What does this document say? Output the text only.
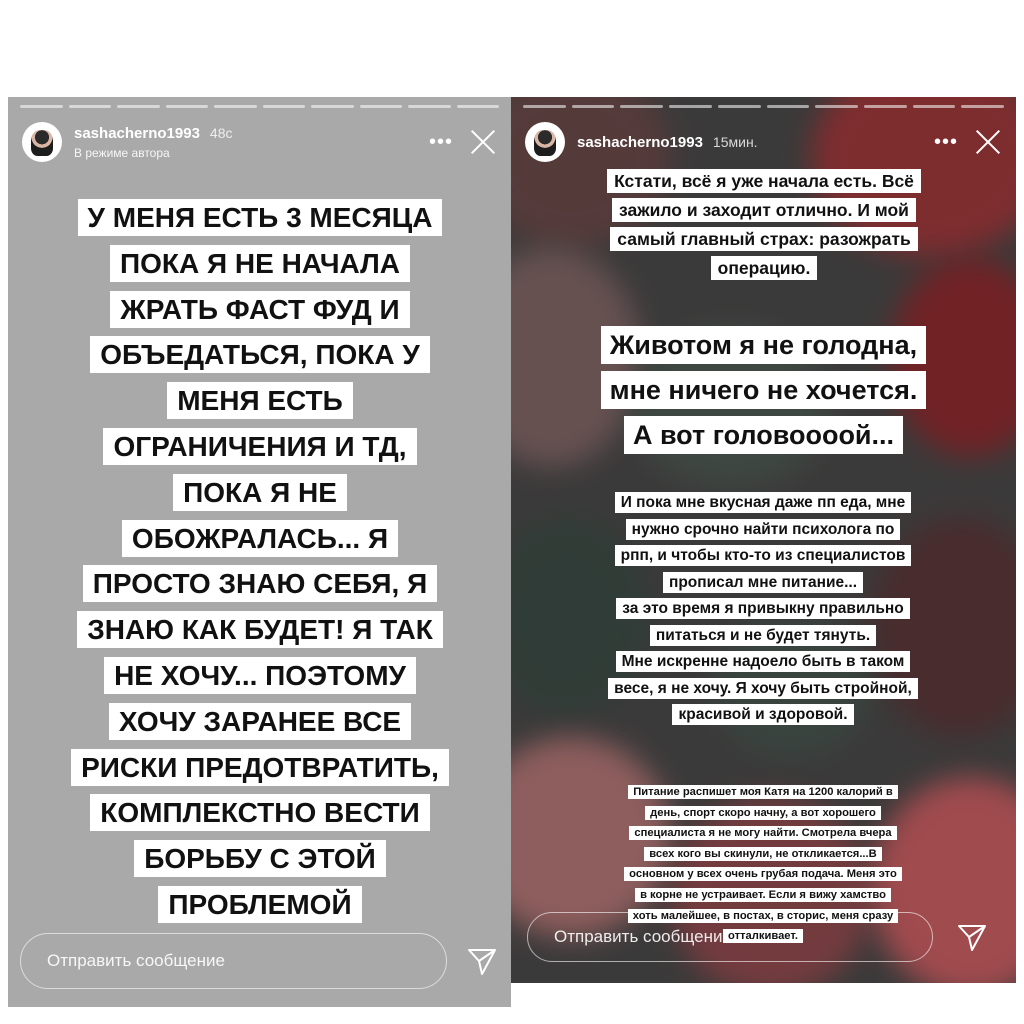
sashacherno1993 48с
В режиме автора	•••
У МЕНЯ ЕСТЬ 3 МЕСЯЦА
ПОКА Я НЕ НАЧАЛА
ЖРАТЬ ФАСТ ФУД И
ОБЪЕДАТЬСЯ, ПОКА У
МЕНЯ ЕСТЬ
ОГРАНИЧЕНИЯ И ТД,
ПОКА Я НЕ
ОБОЖРАЛАСЬ... Я
ПРОСТО ЗНАЮ СЕБЯ, Я
ЗНАЮ КАК БУДЕТ! Я ТАК
НЕ ХОЧУ... ПОЭТОМУ
ХОЧУ ЗАРАНЕЕ ВСЕ
РИСКИ ПРЕДОТВРАТИТЬ,
КОМПЛЕКСТНО ВЕСТИ
БОРЬБУ С ЭТОЙ
ПРОБЛЕМОЙ
Отправить сообщение
sashacherno1993 15мин.	•••
Кстати, всё я уже начала есть. Всё
зажило и заходит отлично. И мой
самый главный страх: разожрать
операцию.
Животом я не голодна,
мне ничего не хочется.
А вот головоооой...
И пока мне вкусная даже пп еда, мне
нужно срочно найти психолога по
рпп, и чтобы кто-то из специалистов
прописал мне питание...
за это время я привыкну правильно
питаться и не будет тянуть.
Мне искренне надоело быть в таком
весе, я не хочу. Я хочу быть стройной,
красивой и здоровой.
Отправить сообщение
Питание распишет моя Катя на 1200 калорий в
день, спорт скоро начну, а вот хорошего
специалиста я не могу найти. Смотрела вчера
всех кого вы скинули, не откликается...В
основном у всех очень грубая подача. Меня это
в корне не устраивает. Если я вижу хамство
хоть малейшее, в постах, в сторис, меня сразу
отталкивает.
